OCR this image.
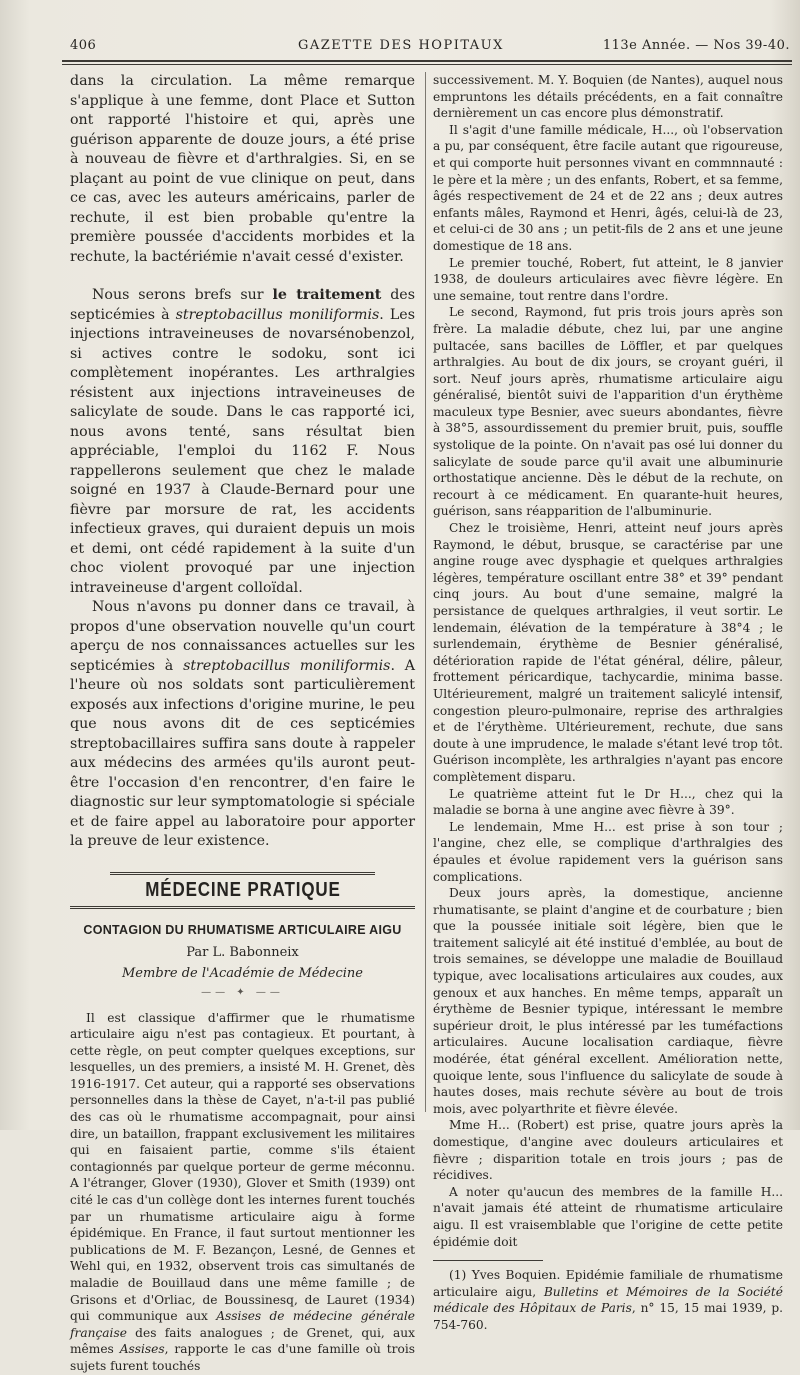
406	GAZETTE DES HOPITAUX	113e Année. — Nos 39-40.

dans la circulation. La même remarque s'applique à une femme, dont Place et Sutton ont rapporté l'histoire et qui, après une guérison apparente de douze jours, a été prise à nouveau de fièvre et d'arthralgies. Si, en se plaçant au point de vue clinique on peut, dans ce cas, avec les auteurs américains, parler de rechute, il est bien probable qu'entre la première poussée d'accidents morbides et la rechute, la bactériémie n'avait cessé d'exister.

Nous serons brefs sur le traitement des septicémies à streptobacillus moniliformis. Les injections intraveineuses de novarsénobenzol, si actives contre le sodoku, sont ici complètement inopérantes. Les arthralgies résistent aux injections intraveineuses de salicylate de soude. Dans le cas rapporté ici, nous avons tenté, sans résultat bien appréciable, l'emploi du 1162 F. Nous rappellerons seulement que chez le malade soigné en 1937 à Claude-Bernard pour une fièvre par morsure de rat, les accidents infectieux graves, qui duraient depuis un mois et demi, ont cédé rapidement à la suite d'un choc violent provoqué par une injection intraveineuse d'argent colloïdal.

Nous n'avons pu donner dans ce travail, à propos d'une observation nouvelle qu'un court aperçu de nos connaissances actuelles sur les septicémies à streptobacillus moniliformis. A l'heure où nos soldats sont particulièrement exposés aux infections d'origine murine, le peu que nous avons dit de ces septicémies streptobacillaires suffira sans doute à rappeler aux médecins des armées qu'ils auront peut-être l'occasion d'en rencontrer, d'en faire le diagnostic sur leur symptomatologie si spéciale et de faire appel au laboratoire pour apporter la preuve de leur existence.

MÉDECINE PRATIQUE
CONTAGION DU RHUMATISME ARTICULAIRE AIGU
Par L. Babonneix
Membre de l'Académie de Médecine
—— ✦ ——

Il est classique d'affirmer que le rhumatisme articulaire aigu n'est pas contagieux. Et pourtant, à cette règle, on peut compter quelques exceptions, sur lesquelles, un des premiers, a insisté M. H. Grenet, dès 1916-1917. Cet auteur, qui a rapporté ses observations personnelles dans la thèse de Cayet, n'a-t-il pas publié des cas où le rhumatisme accompagnait, pour ainsi dire, un bataillon, frappant exclusivement les militaires qui en faisaient partie, comme s'ils étaient contagionnés par quelque porteur de germe méconnu. A l'étranger, Glover (1930), Glover et Smith (1939) ont cité le cas d'un collège dont les internes furent touchés par un rhumatisme articulaire aigu à forme épidémique. En France, il faut surtout mentionner les publications de M. F. Bezançon, Lesné, de Gennes et Wehl qui, en 1932, observent trois cas simultanés de maladie de Bouillaud dans une même famille ; de Grisons et d'Orliac, de Boussinesq, de Lauret (1934) qui communique aux Assises de médecine générale française des faits analogues ; de Grenet, qui, aux mêmes Assises, rapporte le cas d'une famille où trois sujets furent touchés

successivement. M. Y. Boquien (de Nantes), auquel nous empruntons les détails précédents, en a fait connaître dernièrement un cas encore plus démonstratif.

Il s'agit d'une famille médicale, H..., où l'observation a pu, par conséquent, être facile autant que rigoureuse, et qui comporte huit personnes vivant en commnnauté : le père et la mère ; un des enfants, Robert, et sa femme, âgés respectivement de 24 et de 22 ans ; deux autres enfants mâles, Raymond et Henri, âgés, celui-là de 23, et celui-ci de 30 ans ; un petit-fils de 2 ans et une jeune domestique de 18 ans.

Le premier touché, Robert, fut atteint, le 8 janvier 1938, de douleurs articulaires avec fièvre légère. En une semaine, tout rentre dans l'ordre.

Le second, Raymond, fut pris trois jours après son frère. La maladie débute, chez lui, par une angine pultacée, sans bacilles de Löffler, et par quelques arthralgies. Au bout de dix jours, se croyant guéri, il sort. Neuf jours après, rhumatisme articulaire aigu généralisé, bientôt suivi de l'apparition d'un érythème maculeux type Besnier, avec sueurs abondantes, fièvre à 38°5, assourdissement du premier bruit, puis, souffle systolique de la pointe. On n'avait pas osé lui donner du salicylate de soude parce qu'il avait une albuminurie orthostatique ancienne. Dès le début de la rechute, on recourt à ce médicament. En quarante-huit heures, guérison, sans réapparition de l'albuminurie.

Chez le troisième, Henri, atteint neuf jours après Raymond, le début, brusque, se caractérise par une angine rouge avec dysphagie et quelques arthralgies légères, température oscillant entre 38° et 39° pendant cinq jours. Au bout d'une semaine, malgré la persistance de quelques arthralgies, il veut sortir. Le lendemain, élévation de la température à 38°4 ; le surlendemain, érythème de Besnier généralisé, détérioration rapide de l'état général, délire, pâleur, frottement péricardique, tachycardie, minima basse. Ultérieurement, malgré un traitement salicylé intensif, congestion pleuro-pulmonaire, reprise des arthralgies et de l'érythème. Ultérieurement, rechute, due sans doute à une imprudence, le malade s'étant levé trop tôt. Guérison incomplète, les arthralgies n'ayant pas encore complètement disparu.

Le quatrième atteint fut le Dr H..., chez qui la maladie se borna à une angine avec fièvre à 39°.

Le lendemain, Mme H... est prise à son tour ; l'angine, chez elle, se complique d'arthralgies des épaules et évolue rapidement vers la guérison sans complications.

Deux jours après, la domestique, ancienne rhumatisante, se plaint d'angine et de courbature ; bien que la poussée initiale soit légère, bien que le traitement salicylé ait été institué d'emblée, au bout de trois semaines, se développe une maladie de Bouillaud typique, avec localisations articulaires aux coudes, aux genoux et aux hanches. En même temps, apparaît un érythème de Besnier typique, intéressant le membre supérieur droit, le plus intéressé par les tuméfactions articulaires. Aucune localisation cardiaque, fièvre modérée, état général excellent. Amélioration nette, quoique lente, sous l'influence du salicylate de soude à hautes doses, mais rechute sévère au bout de trois mois, avec polyarthrite et fièvre élevée.

Mme H... (Robert) est prise, quatre jours après la domestique, d'angine avec douleurs articulaires et fièvre ; disparition totale en trois jours ; pas de récidives.

A noter qu'aucun des membres de la famille H... n'avait jamais été atteint de rhumatisme articulaire aigu. Il est vraisemblable que l'origine de cette petite épidémie doit

(1) Yves Boquien. Epidémie familiale de rhumatisme articulaire aigu, Bulletins et Mémoires de la Société médicale des Hôpitaux de Paris, n° 15, 15 mai 1939, p. 754-760.
